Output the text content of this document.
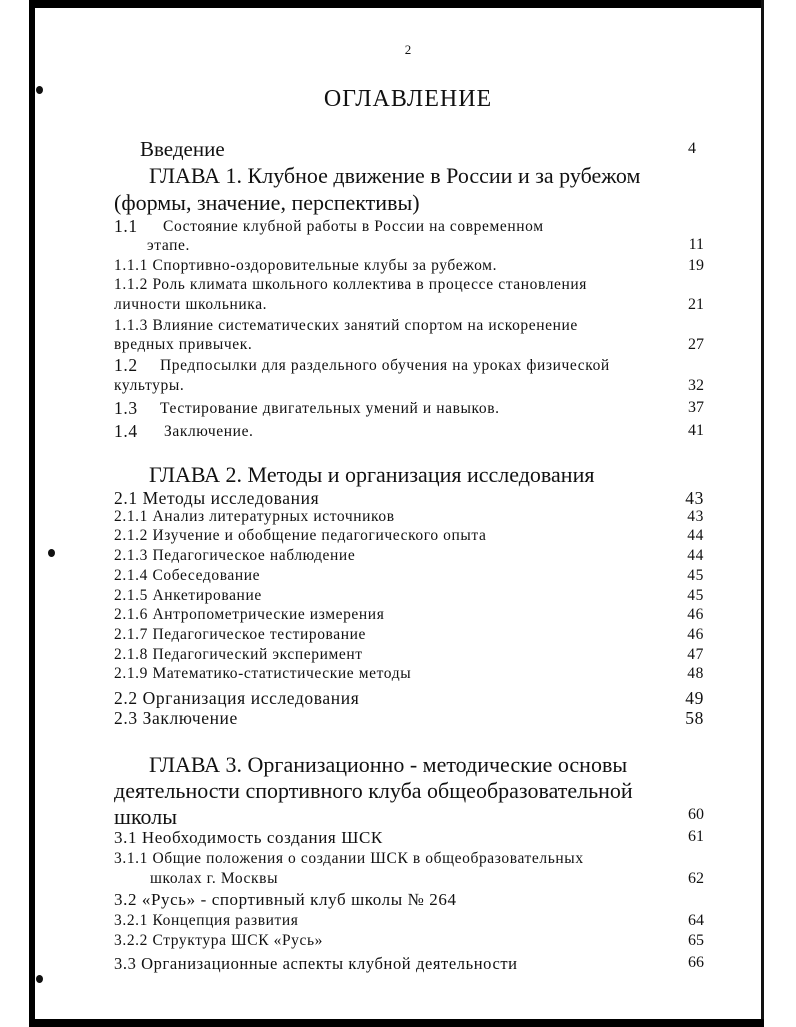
2
ОГЛАВЛЕНИЕ
Введение	4
ГЛАВА 1. Клубное движение в России и за рубежом
(формы, значение, перспективы)
1.1 Состояние клубной работы в России на современном
этапе.	11
1.1.1 Спортивно-оздоровительные клубы за рубежом.	19
1.1.2 Роль климата школьного коллектива в процессе становления
личности школьника.	21
1.1.3 Влияние систематических занятий спортом на искоренение
вредных привычек.	27
1.2 Предпосылки для раздельного обучения на уроках физической
культуры.	32
1.3 Тестирование двигательных умений и навыков.	37
1.4 Заключение.	41
ГЛАВА 2. Методы и организация исследования
2.1 Методы исследования	43
2.1.1 Анализ литературных источников	43
2.1.2 Изучение и обобщение педагогического опыта	44
2.1.3 Педагогическое наблюдение	44
2.1.4 Собеседование	45
2.1.5 Анкетирование	45
2.1.6 Антропометрические измерения	46
2.1.7 Педагогическое тестирование	46
2.1.8 Педагогический эксперимент	47
2.1.9 Математико-статистические методы	48
2.2 Организация исследования	49
2.3 Заключение	58
ГЛАВА 3. Организационно - методические основы
деятельности спортивного клуба общеобразовательной
школы	60
3.1 Необходимость создания ШСК	61
3.1.1 Общие положения о создании ШСК в общеобразовательных
школах г. Москвы	62
3.2 «Русь» - спортивный клуб школы № 264
3.2.1 Концепция развития	64
3.2.2 Структура ШСК «Русь»	65
3.3 Организационные аспекты клубной деятельности	66
